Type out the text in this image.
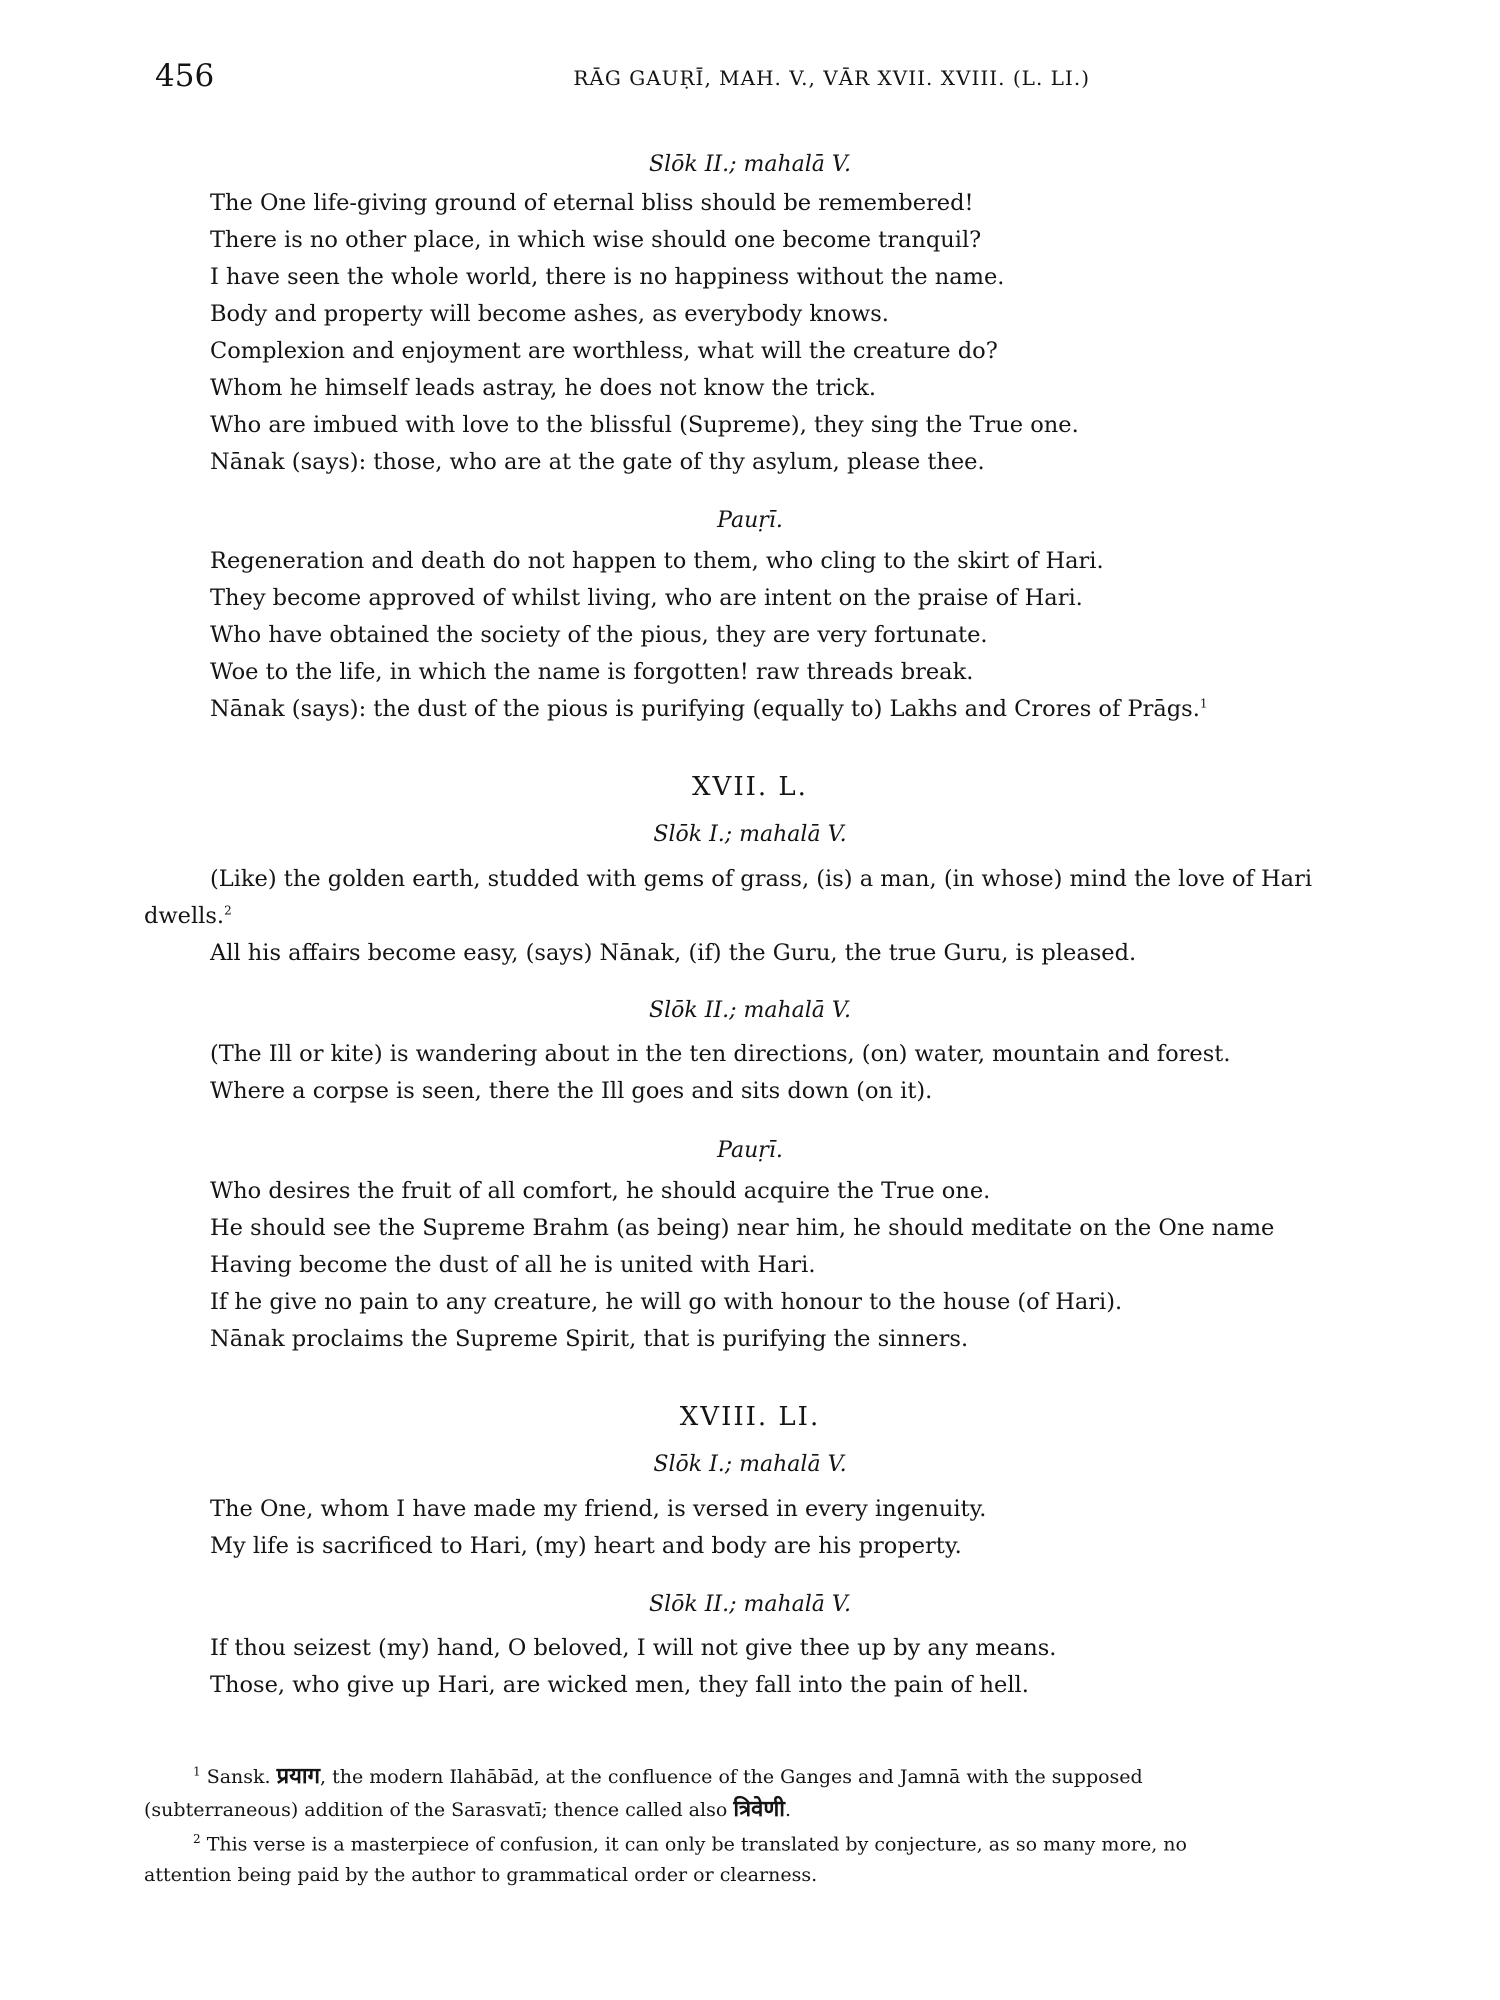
456	RĀG GAUṚĪ, MAH. V., VĀR XVII. XVIII. (L. LI.)
Slōk II.; mahalā V.
The One life-giving ground of eternal bliss should be remembered!
There is no other place, in which wise should one become tranquil?
I have seen the whole world, there is no happiness without the name.
Body and property will become ashes, as everybody knows.
Complexion and enjoyment are worthless, what will the creature do?
Whom he himself leads astray, he does not know the trick.
Who are imbued with love to the blissful (Supreme), they sing the True one.
Nānak (says): those, who are at the gate of thy asylum, please thee.
Pauṛī.
Regeneration and death do not happen to them, who cling to the skirt of Hari.
They become approved of whilst living, who are intent on the praise of Hari.
Who have obtained the society of the pious, they are very fortunate.
Woe to the life, in which the name is forgotten! raw threads break.
Nānak (says): the dust of the pious is purifying (equally to) Lakhs and Crores of Prāgs.$^1$
XVII. L.
Slōk I.; mahalā V.
(Like) the golden earth, studded with gems of grass, (is) a man, (in whose) mind the love of Hari
dwells.$^2$
All his affairs become easy, (says) Nānak, (if) the Guru, the true Guru, is pleased.
Slōk II.; mahalā V.
(The Ill or kite) is wandering about in the ten directions, (on) water, mountain and forest.
Where a corpse is seen, there the Ill goes and sits down (on it).
Pauṛī.
Who desires the fruit of all comfort, he should acquire the True one.
He should see the Supreme Brahm (as being) near him, he should meditate on the One name
Having become the dust of all he is united with Hari.
If he give no pain to any creature, he will go with honour to the house (of Hari).
Nānak proclaims the Supreme Spirit, that is purifying the sinners.
XVIII. LI.
Slōk I.; mahalā V.
The One, whom I have made my friend, is versed in every ingenuity.
My life is sacrificed to Hari, (my) heart and body are his property.
Slōk II.; mahalā V.
If thou seizest (my) hand, O beloved, I will not give thee up by any means.
Those, who give up Hari, are wicked men, they fall into the pain of hell.
$^1$ Sansk. प्रयाग, the modern Ilahābād, at the confluence of the Ganges and Jamnā with the supposed
(subterraneous) addition of the Sarasvatī; thence called also त्रिवेणी.
$^2$ This verse is a masterpiece of confusion, it can only be translated by conjecture, as so many more, no
attention being paid by the author to grammatical order or clearness.
